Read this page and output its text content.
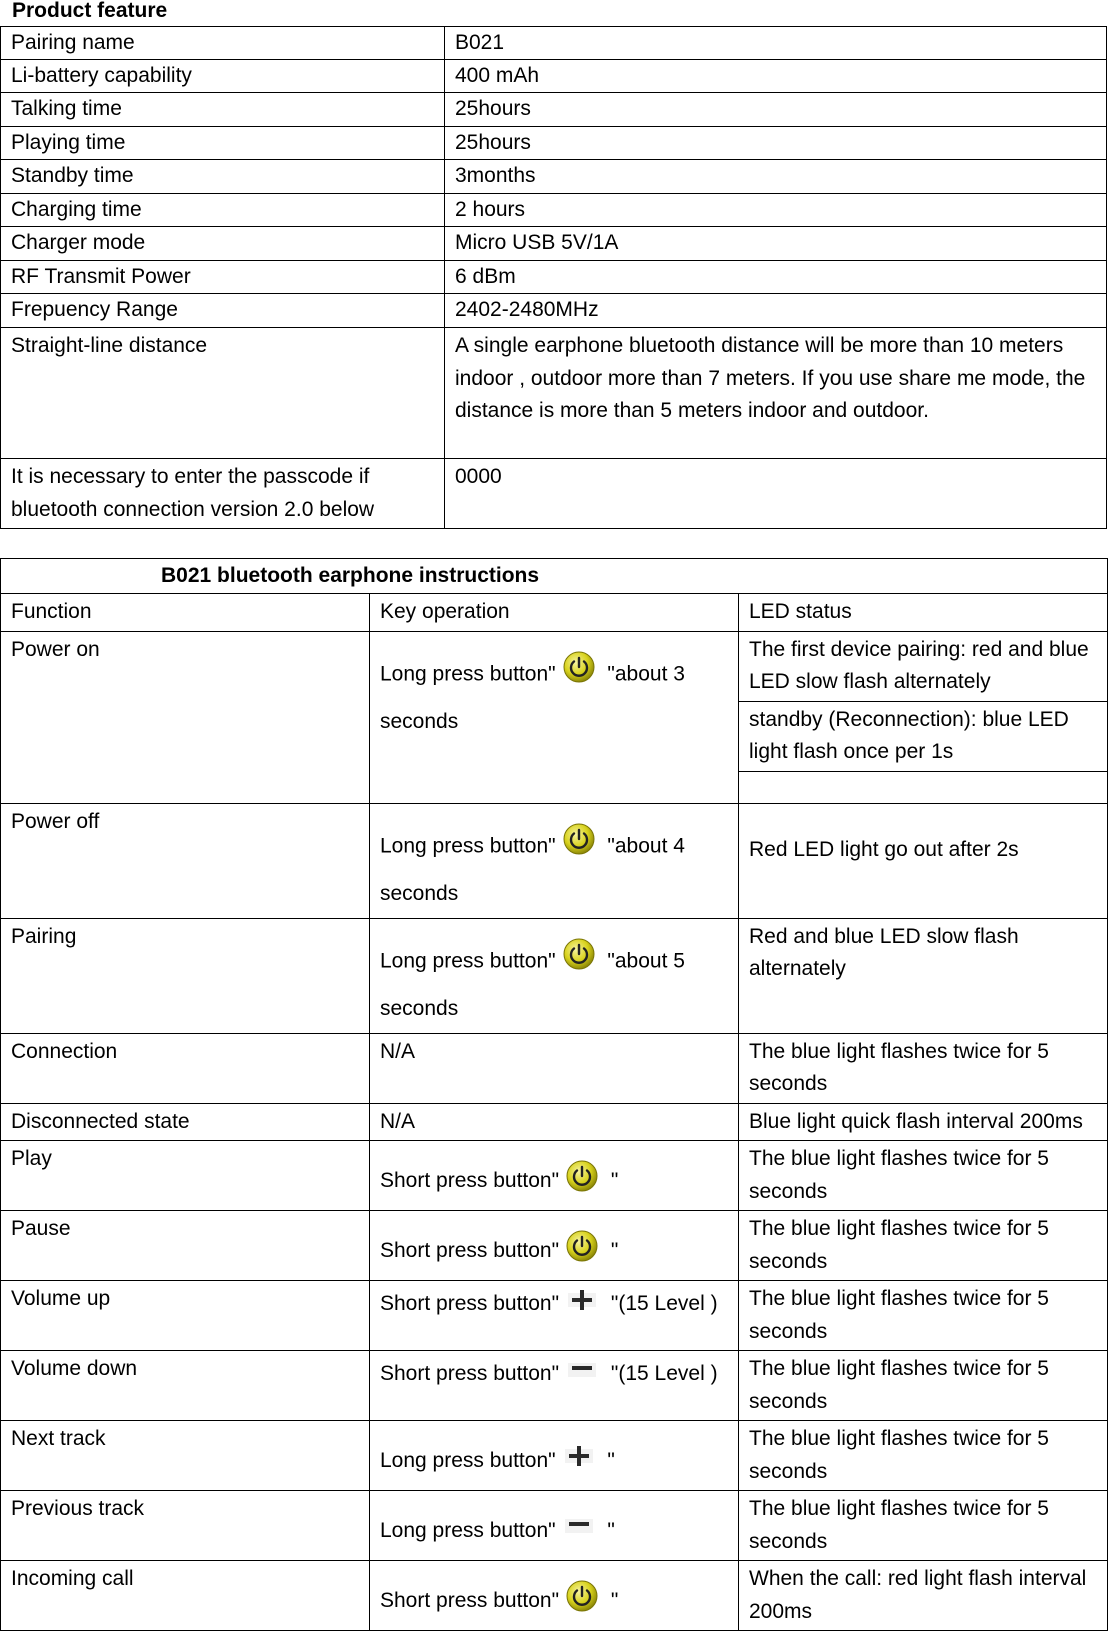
Product feature
Pairing name	B021
Li-battery capability	400 mAh
Talking time	25hours
Playing time	25hours
Standby time	3months
Charging time	2 hours
Charger mode	Micro USB 5V/1A
RF Transmit Power	6 dBm
Frepuency Range	2402-2480MHz
Straight-line distance	A single earphone bluetooth distance will be more than 10 meters indoor , outdoor more than 7 meters. If you use share me mode, the distance is more than 5 meters indoor and outdoor.
It is necessary to enter the passcode if bluetooth connection version 2.0 below	0000
B021 bluetooth earphone instructions		
Function	Key operation	LED status
Power on	Long press button" "about 3 seconds	The first device pairing: red and blue LED slow flash alternately
		standby (Reconnection): blue LED light flash once per 1s

Power off	Long press button" "about 4 seconds	Red LED light go out after 2s
Pairing	Long press button" "about 5 seconds	Red and blue LED slow flash alternately
Connection	N/A	The blue light flashes twice for 5 seconds
Disconnected state	N/A	Blue light quick flash interval 200ms
Play	Short press button" "	The blue light flashes twice for 5 seconds
Pause	Short press button" "	The blue light flashes twice for 5 seconds
Volume up	Short press button" "(15 Level )	The blue light flashes twice for 5 seconds
Volume down	Short press button" "(15 Level )	The blue light flashes twice for 5 seconds
Next track	Long press button" "	The blue light flashes twice for 5 seconds
Previous track	Long press button" "	The blue light flashes twice for 5 seconds
Incoming call	Short press button" "	When the call: red light flash interval 200ms
